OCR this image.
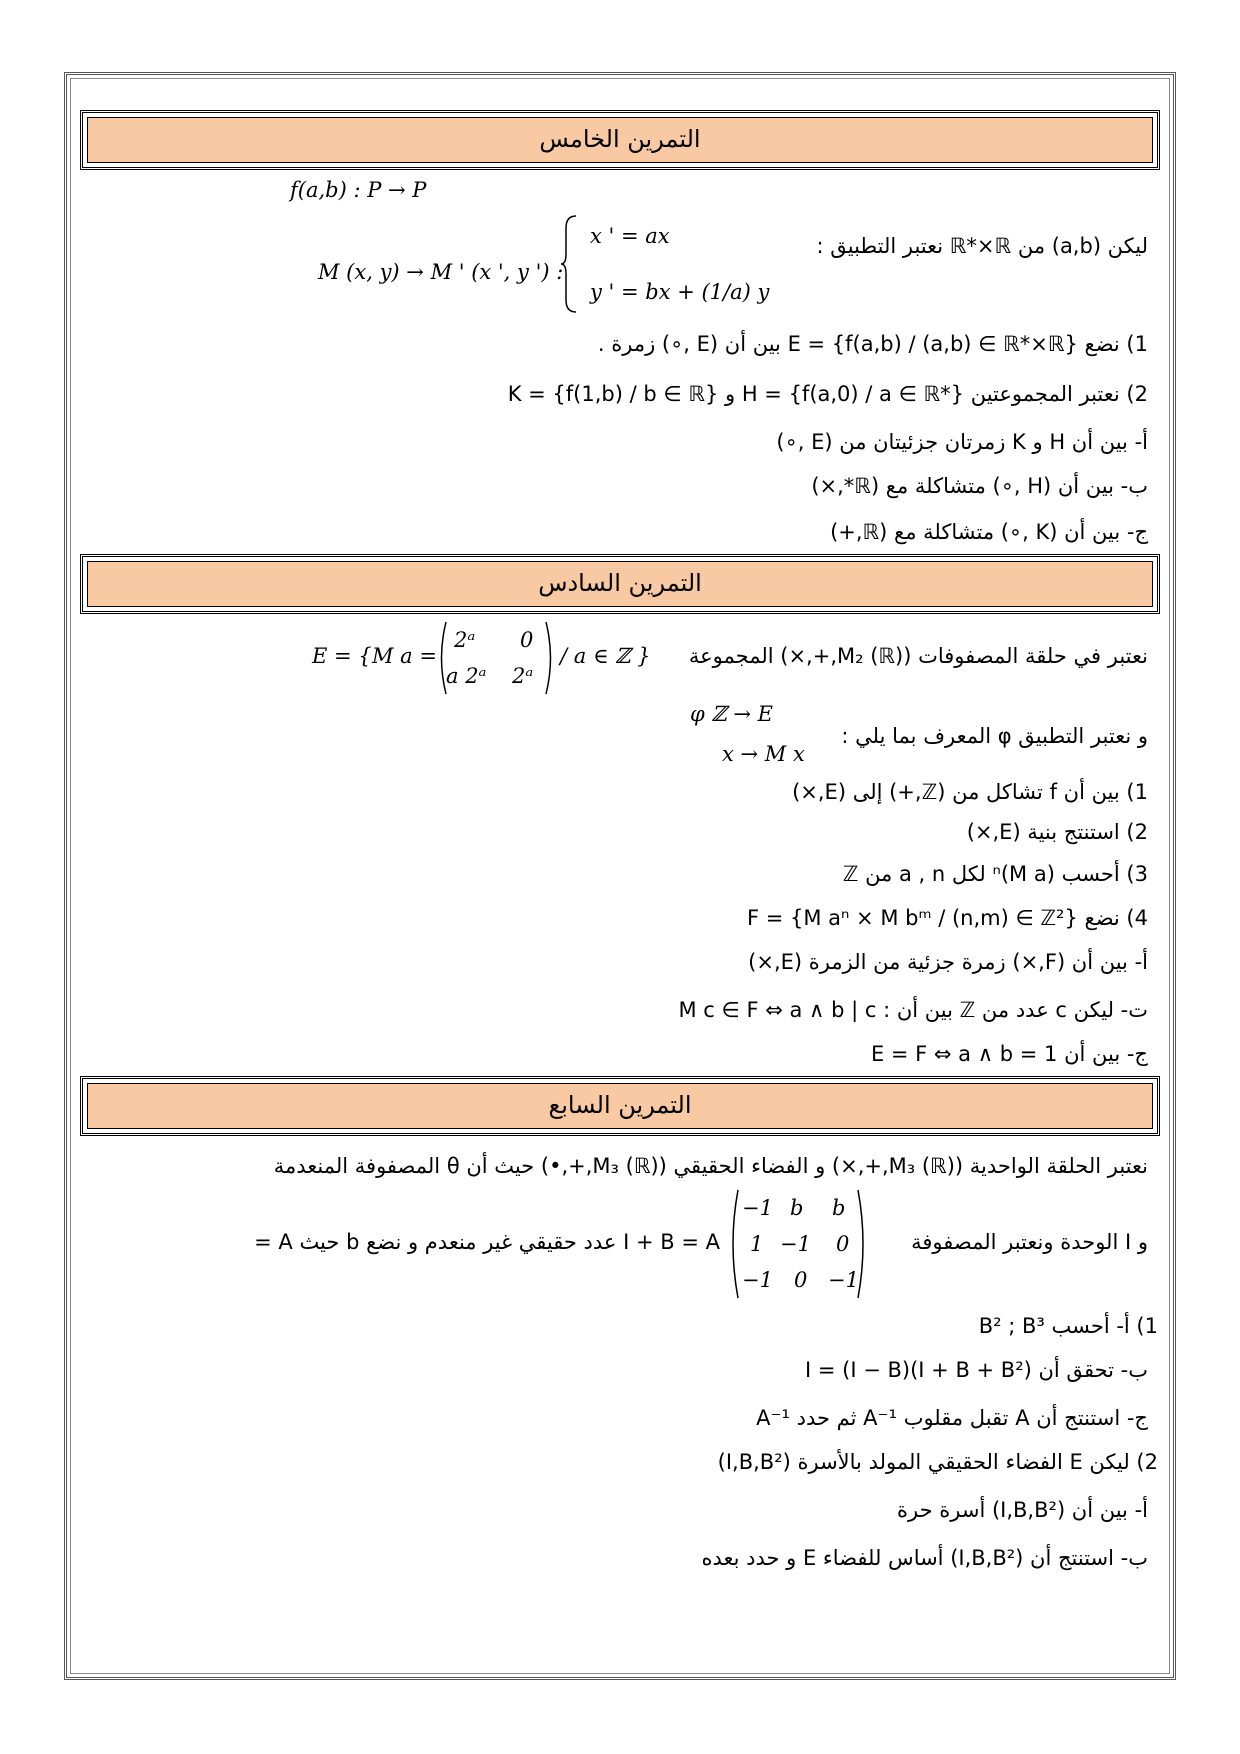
التمرين الخامس
f(a,b) : P → P
M (x, y) → M ' (x ', y ') :
x ' = ax
y ' = bx + (1/a) y
ليكن (a,b) من ℝ*×ℝ نعتبر التطبيق :
1) نضع E = {f(a,b) / (a,b) ∈ ℝ*×ℝ} بين أن (E ,∘) زمرة .
2) نعتبر المجموعتين H = {f(a,0) / a ∈ ℝ*} و K = {f(1,b) / b ∈ ℝ}
أ- بين أن H و K زمرتان جزئيتان من (E ,∘)
ب- بين أن (H ,∘) متشاكلة مع (ℝ*,×)
ج- بين أن (K ,∘) متشاكلة مع (ℝ,+)
التمرين السادس
نعتبر في حلقة المصفوفات (M₂ (ℝ),+,×) المجموعة
E = { M a =
2ᵃ 0
a 2ᵃ 2ᵃ
/ a ∈ ℤ }
φ ℤ → E
x → M x
و نعتبر التطبيق φ المعرف بما يلي :
1) بين أن f تشاكل من (ℤ,+) إلى (E,×)
2) استنتج بنية (E,×)
3) أحسب (M a)ⁿ لكل a , n من ℤ
4) نضع F = {M aⁿ × M bᵐ / (n,m) ∈ ℤ²}
أ- بين أن (F,×) زمرة جزئية من الزمرة (E,×)
ت- ليكن c عدد من ℤ بين أن : M c ∈ F ⇔ a ∧ b | c
ج- بين أن E = F ⇔ a ∧ b = 1
التمرين السابع
نعتبر الحلقة الواحدية (M₃ (ℝ),+,×) و الفضاء الحقيقي (M₃ (ℝ),+,•) حيث أن θ المصفوفة المنعدمة
و I الوحدة ونعتبر المصفوفة
−1 b b
1 −1 0
−1 0 −1
= A حيث b عدد حقيقي غير منعدم و نضع I + B = A
1) أ- أحسب B² ; B³
ب- تحقق أن I = (I − B)(I + B + B²)
ج- استنتج أن A تقبل مقلوب A⁻¹ ثم حدد A⁻¹
2) ليكن E الفضاء الحقيقي المولد بالأسرة (I,B,B²)
أ- بين أن (I,B,B²) أسرة حرة
ب- استنتج أن (I,B,B²) أساس للفضاء E و حدد بعده
